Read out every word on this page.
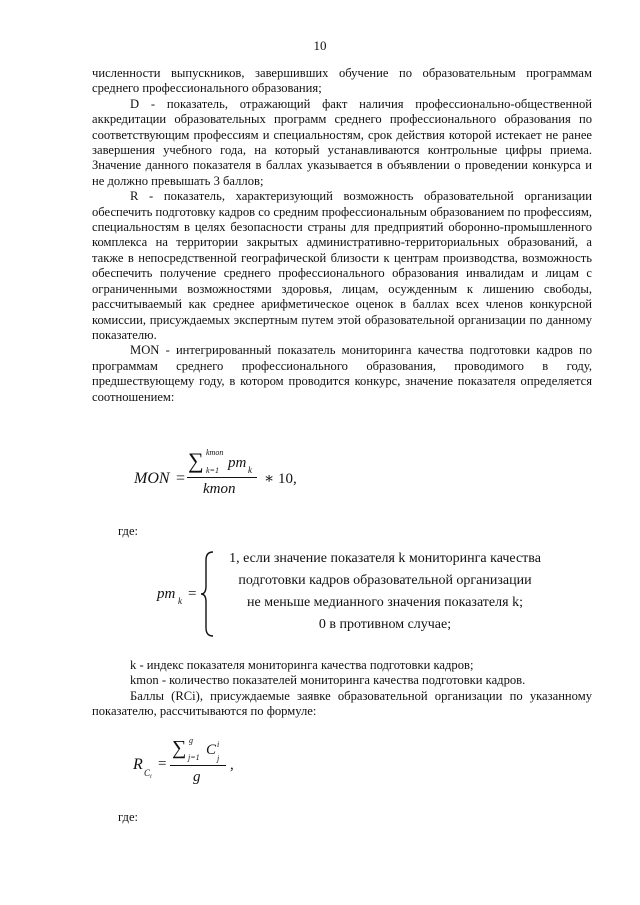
10

численности выпускников, завершивших обучение по образовательным программам среднего профессионального образования;

D - показатель, отражающий факт наличия профессионально-общественной аккредитации образовательных программ среднего профессионального образования по соответствующим профессиям и специальностям, срок действия которой истекает не ранее завершения учебного года, на который устанавливаются контрольные цифры приема. Значение данного показателя в баллах указывается в объявлении о проведении конкурса и не должно превышать 3 баллов;

R - показатель, характеризующий возможность образовательной организации обеспечить подготовку кадров со средним профессиональным образованием по профессиям, специальностям в целях безопасности страны для предприятий оборонно-промышленного комплекса на территории закрытых административно-территориальных образований, а также в непосредственной географической близости к центрам производства, возможность обеспечить получение среднего профессионального образования инвалидам и лицам с ограниченными возможностями здоровья, лицам, осужденным к лишению свободы, рассчитываемый как среднее арифметическое оценок в баллах всех членов конкурсной комиссии, присуждаемых экспертным путем этой образовательной организации по данному показателю.

MON - интегрированный показатель мониторинга качества подготовки кадров по программам среднего профессионального образования, проводимого в году, предшествующему году, в котором проводится конкурс, значение показателя определяется соотношением:

MON =
∑ kmon
k=1 pm k
kmon
∗ 10,
где:
pm k =
1, если значение показателя k мониторинга качества
подготовки кадров образовательной организации
не меньше медианного значения показателя k;
0 в противном случае;

k - индекс показателя мониторинга качества подготовки кадров;

kmon - количество показателей мониторинга качества подготовки кадров.

Баллы (RCi), присуждаемые заявке образовательной организации по указанному показателю, рассчитываются по формуле:

R C i
=
∑ g
j=1 C i
j
g
,
где:
